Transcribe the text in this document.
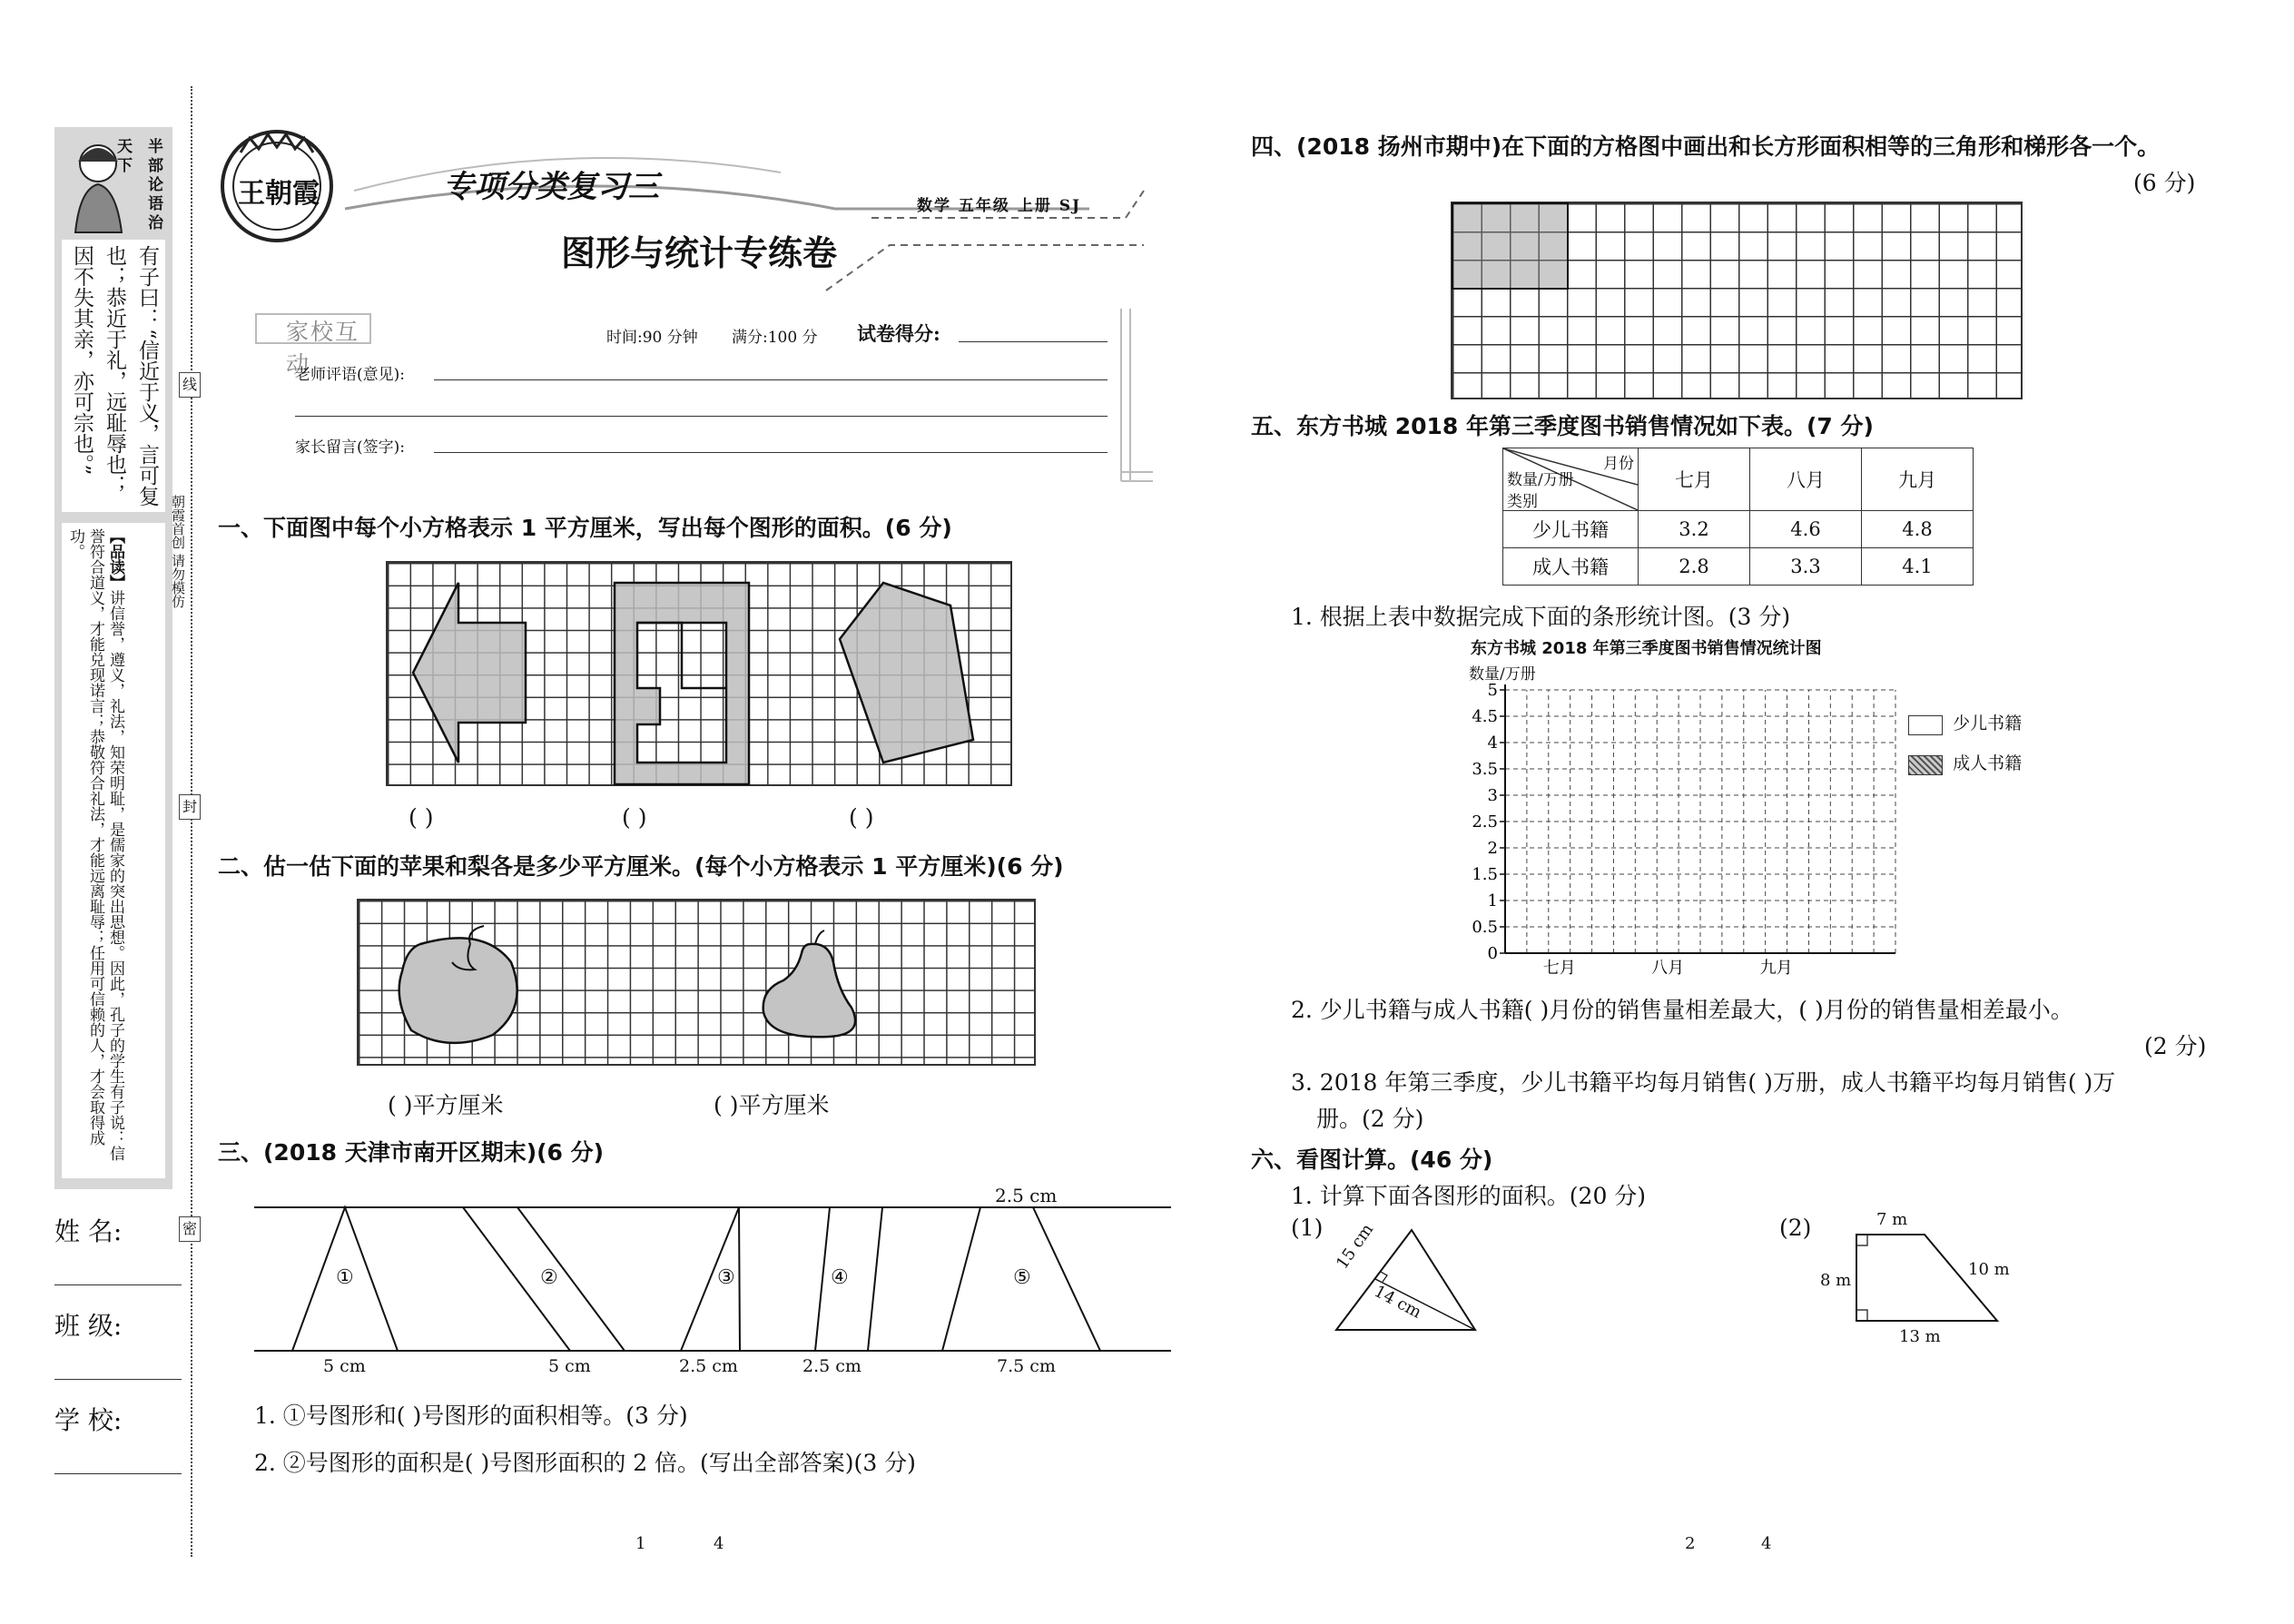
半部论语治天下
有子曰：“信近于义，言可复也；恭近于礼，远耻辱也；因不失其亲，亦可宗也。”
【品读】讲信誉，遵义，礼法，知荣明耻，是儒家的突出思想。因此，孔子的学生有子说：信誉符合道义，才能兑现诺言；恭敬符合礼法，才能远离耻辱；任用可信赖的人，才会取得成功。
姓 名:
班 级:
学 校:
线
封
密
朝霞首创 请勿模仿
王朝霞	专项分类复习三
数学 五年级 上册 SJ
图形与统计专练卷
家校互动
时间:90 分钟 满分:100 分 试卷得分:
老师评语(意见):
家长留言(签字):
一、下面图中每个小方格表示 1 平方厘米，写出每个图形的面积。(6 分)
( )	( )	( )
二、估一估下面的苹果和梨各是多少平方厘米。(每个小方格表示 1 平方厘米)(6 分)
( )平方厘米	( )平方厘米
三、(2018 天津市南开区期末)(6 分)
2.5 cm
①	②	③	④	⑤
5 cm	5 cm	2.5 cm	2.5 cm	7.5 cm
1. ①号图形和( )号图形的面积相等。(3 分)
2. ②号图形的面积是( )号图形面积的 2 倍。(写出全部答案)(3 分)
1	4
四、(2018 扬州市期中)在下面的方格图中画出和长方形面积相等的三角形和梯形各一个。
(6 分)
五、东方书城 2018 年第三季度图书销售情况如下表。(7 分)
月份
数量/万册
类别	七月	八月	九月
少儿书籍	3.2	4.6	4.8
成人书籍	2.8	3.3	4.1
1. 根据上表中数据完成下面的条形统计图。(3 分)
东方书城 2018 年第三季度图书销售情况统计图
数量/万册
0
0.5
1
1.5
2
2.5
3
3.5
4
4.5
5
七月	八月	九月
少儿书籍
成人书籍
2. 少儿书籍与成人书籍( )月份的销售量相差最大，( )月份的销售量相差最小。
(2 分)
3. 2018 年第三季度，少儿书籍平均每月销售( )万册，成人书籍平均每月销售( )万
册。(2 分)
六、看图计算。(46 分)
1. 计算下面各图形的面积。(20 分)
(1) 15 cm
14 cm
(2)	7 m
8 m
10 m
13 m
2	4
